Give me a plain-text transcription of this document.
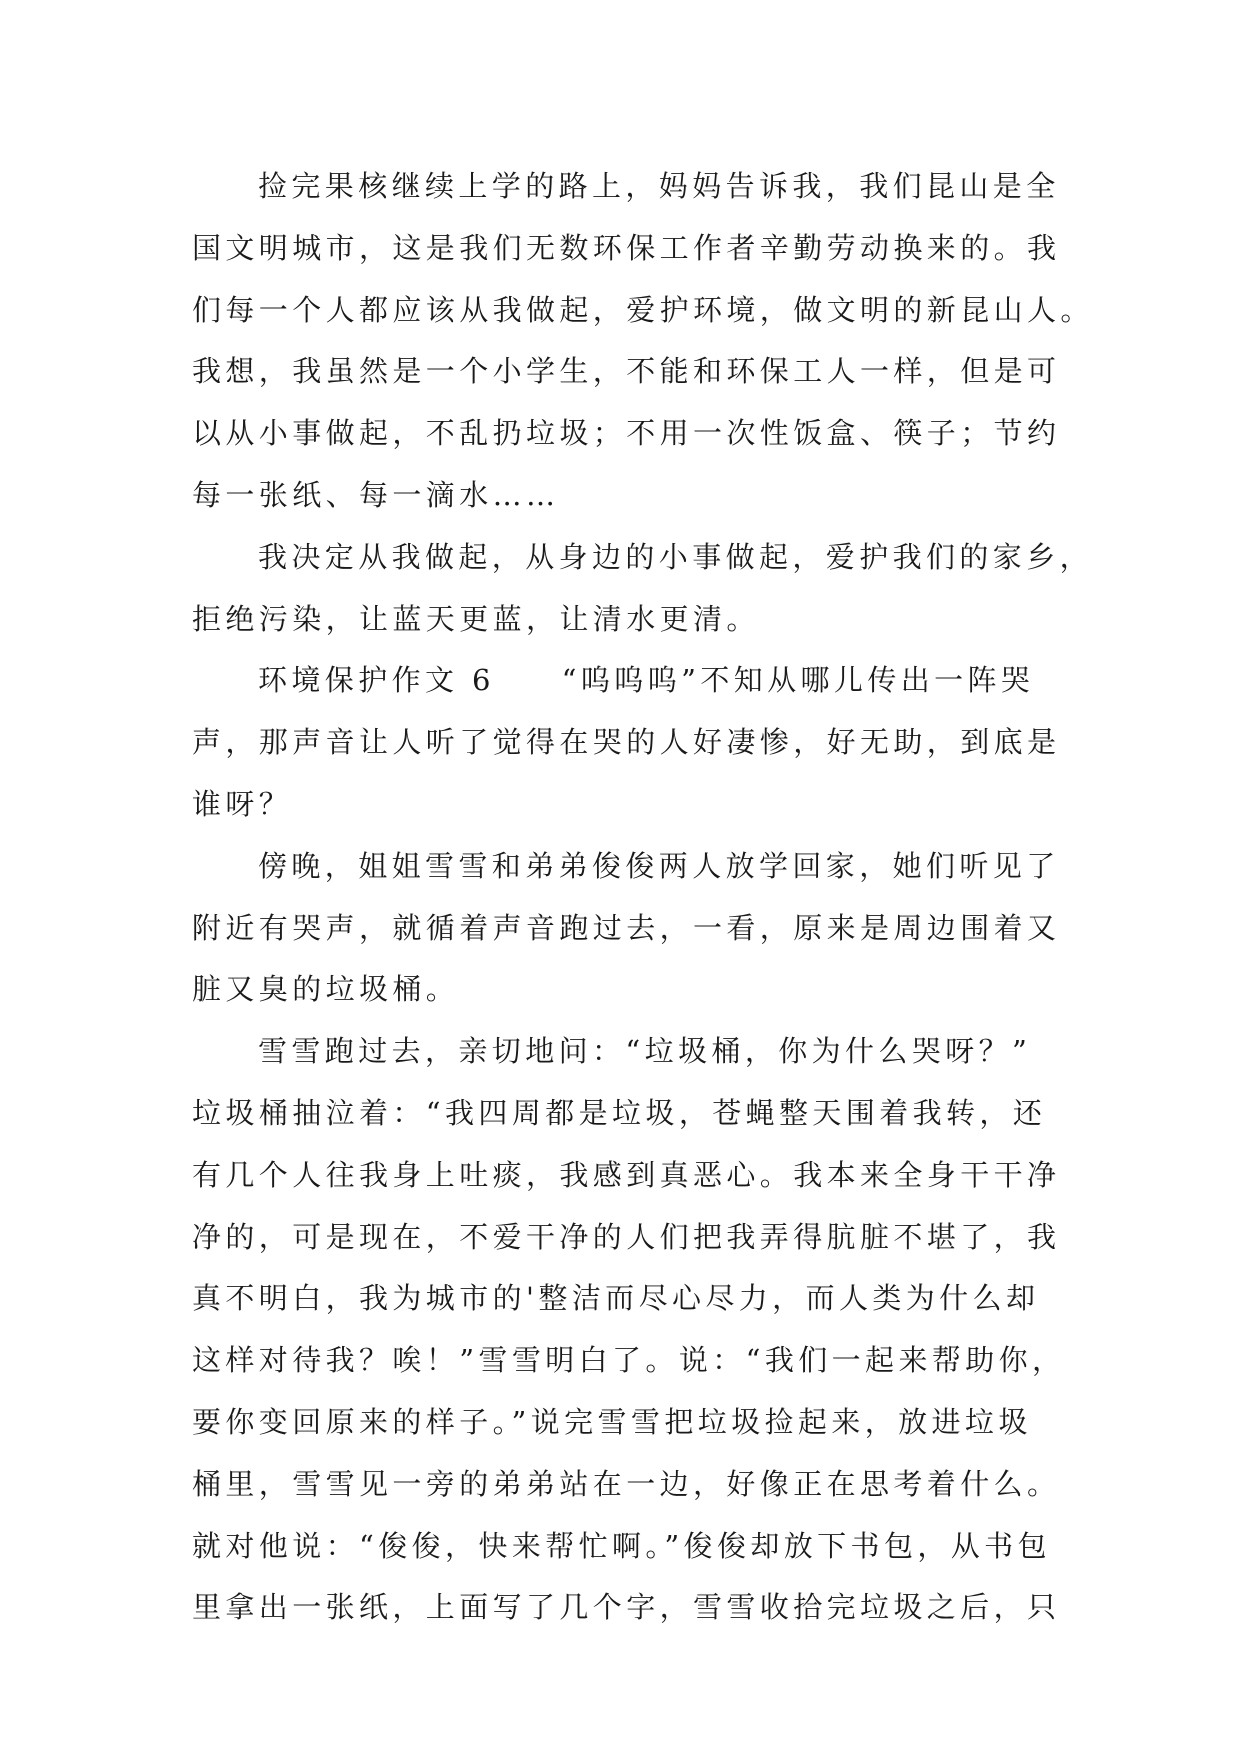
捡完果核继续上学的路上，妈妈告诉我，我们昆山是全
国文明城市，这是我们无数环保工作者辛勤劳动换来的。我
们每一个人都应该从我做起，爱护环境，做文明的新昆山人。
我想，我虽然是一个小学生，不能和环保工人一样，但是可
以从小事做起，不乱扔垃圾；不用一次性饭盒、筷子；节约
每一张纸、每一滴水……
我决定从我做起，从身边的小事做起，爱护我们的家乡，
拒绝污染，让蓝天更蓝，让清水更清。
环境保护作文 6　　“呜呜呜”不知从哪儿传出一阵哭
声，那声音让人听了觉得在哭的人好凄惨，好无助，到底是
谁呀？
傍晚，姐姐雪雪和弟弟俊俊两人放学回家，她们听见了
附近有哭声，就循着声音跑过去，一看，原来是周边围着又
脏又臭的垃圾桶。
雪雪跑过去，亲切地问：“垃圾桶，你为什么哭呀？”
垃圾桶抽泣着：“我四周都是垃圾，苍蝇整天围着我转，还
有几个人往我身上吐痰，我感到真恶心。我本来全身干干净
净的，可是现在，不爱干净的人们把我弄得肮脏不堪了，我
真不明白，我为城市的'整洁而尽心尽力，而人类为什么却
这样对待我？唉！”雪雪明白了。说：“我们一起来帮助你，
要你变回原来的样子。”说完雪雪把垃圾捡起来，放进垃圾
桶里，雪雪见一旁的弟弟站在一边，好像正在思考着什么。
就对他说：“俊俊，快来帮忙啊。”俊俊却放下书包，从书包
里拿出一张纸，上面写了几个字，雪雪收拾完垃圾之后，只
